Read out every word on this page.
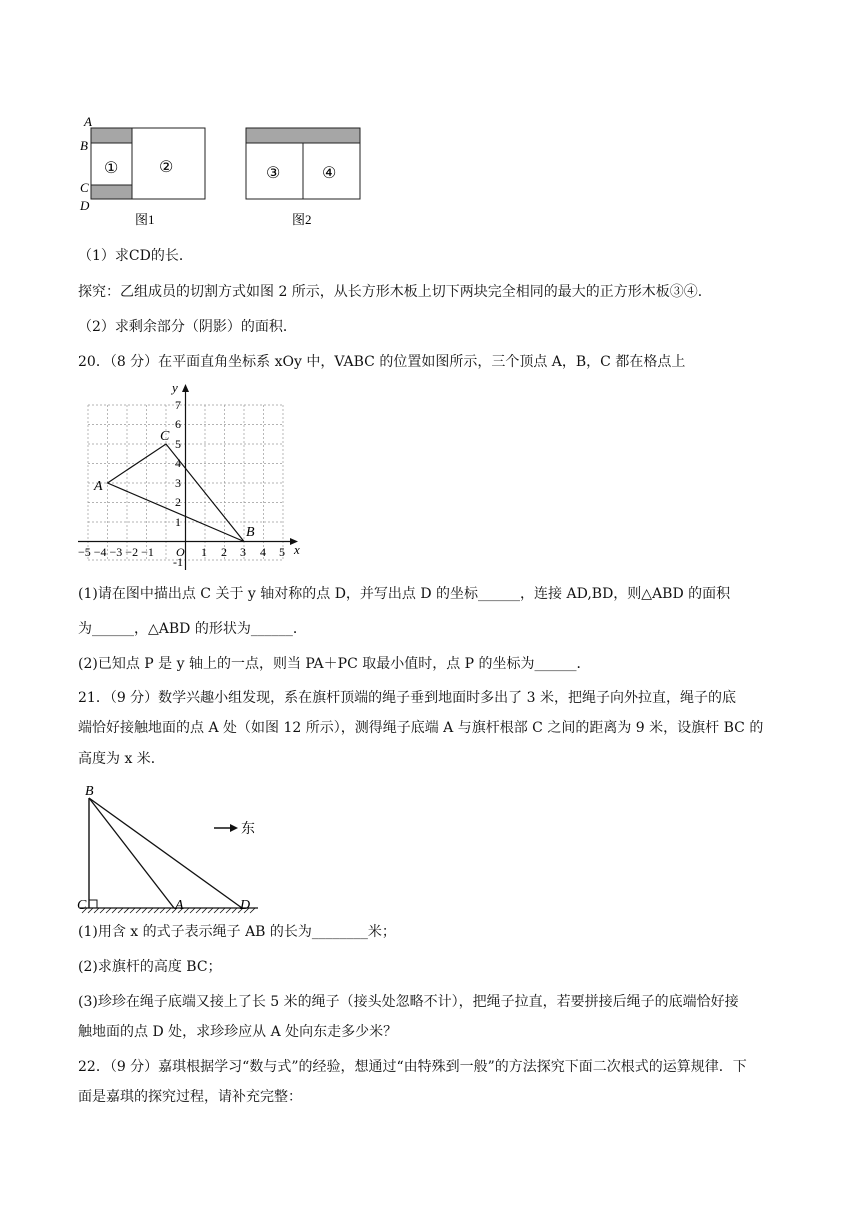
A
B
C
D
①	②
图1
③	④
图2
（1）求CD的长．
探究：乙组成员的切割方式如图 2 所示，从长方形木板上切下两块完全相同的最大的正方形木板③④．
（2）求剩余部分（阴影）的面积．
20．（8 分）在平面直角坐标系 xOy 中，VABC 的位置如图所示，三个顶点 A，B，C 都在格点上
y
x
7
6
5
4
3
2
1
-1
−5 −4 −3 −2 −1 O 1 2 3 4 5
A
B
C
(1)请在图中描出点 C 关于 y 轴对称的点 D，并写出点 D 的坐标______，连接 AD,BD，则△ABD 的面积
为______，△ABD 的形状为______．
(2)已知点 P 是 y 轴上的一点，则当 PA＋PC 取最小值时，点 P 的坐标为______．
21．（9 分）数学兴趣小组发现，系在旗杆顶端的绳子垂到地面时多出了 3 米，把绳子向外拉直，绳子的底
端恰好接触地面的点 A 处（如图 12 所示），测得绳子底端 A 与旗杆根部 C 之间的距离为 9 米，设旗杆 BC 的
高度为 x 米．
B
C	A	D
东
(1)用含 x 的式子表示绳子 AB 的长为________米；
(2)求旗杆的高度 BC；
(3)珍珍在绳子底端又接上了长 5 米的绳子（接头处忽略不计），把绳子拉直，若要拼接后绳子的底端恰好接
触地面的点 D 处，求珍珍应从 A 处向东走多少米？
22．（9 分）嘉琪根据学习“数与式”的经验，想通过“由特殊到一般”的方法探究下面二次根式的运算规律．下
面是嘉琪的探究过程，请补充完整：
